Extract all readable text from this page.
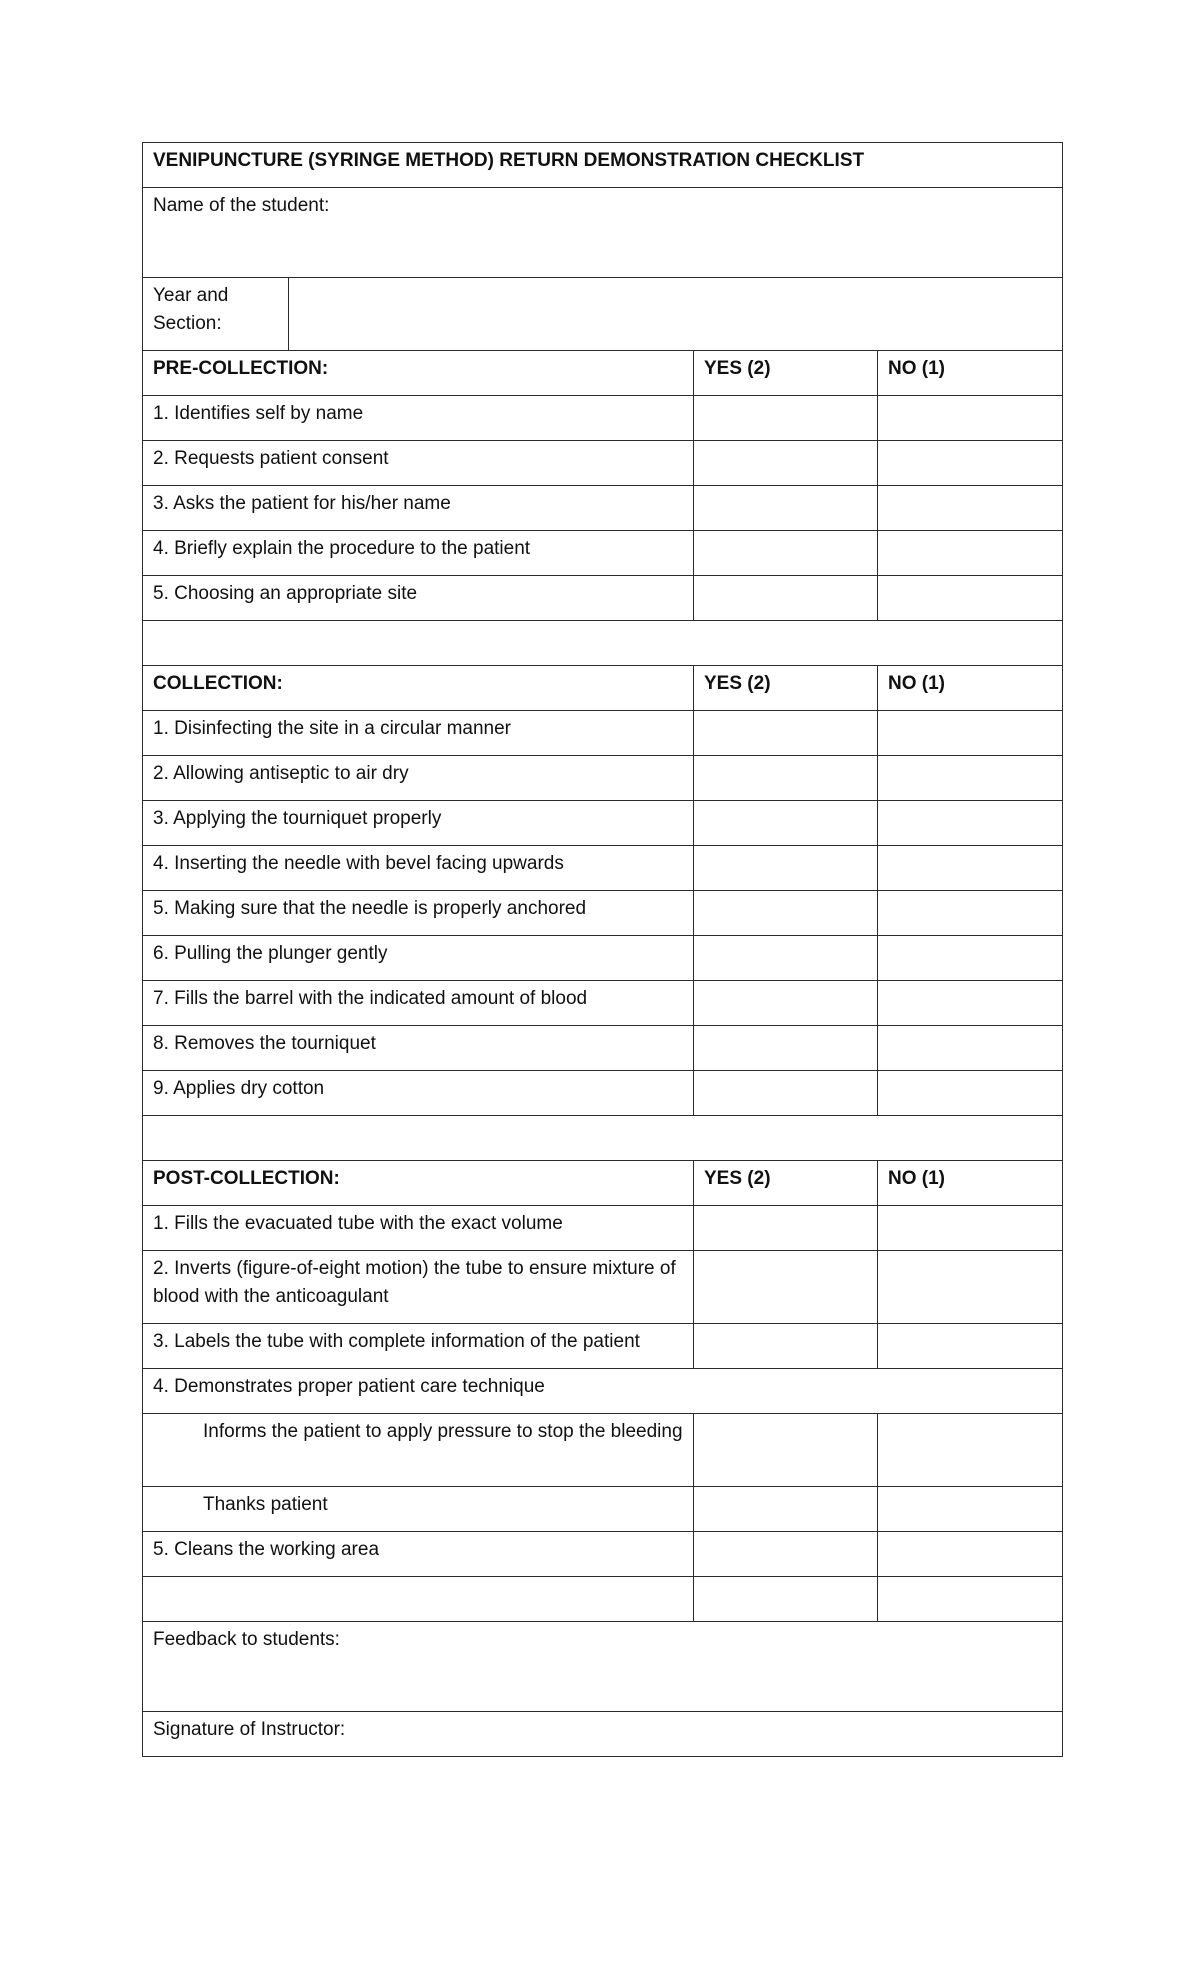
VENIPUNCTURE (SYRINGE METHOD) RETURN DEMONSTRATION CHECKLIST			
Name of the student:			
Year and
Section:			
PRE-COLLECTION:		YES (2)	NO (1)
1. Identifies self by name			
2. Requests patient consent			
3. Asks the patient for his/her name			
4. Briefly explain the procedure to the patient			
5. Choosing an appropriate site			

COLLECTION:		YES (2)	NO (1)
1. Disinfecting the site in a circular manner			
2. Allowing antiseptic to air dry			
3. Applying the tourniquet properly			
4. Inserting the needle with bevel facing upwards			
5. Making sure that the needle is properly anchored			
6. Pulling the plunger gently			
7. Fills the barrel with the indicated amount of blood			
8. Removes the tourniquet			
9. Applies dry cotton			

POST-COLLECTION:		YES (2)	NO (1)
1. Fills the evacuated tube with the exact volume			
2. Inverts (figure-of-eight motion) the tube to ensure mixture of blood with the anticoagulant			
3. Labels the tube with complete information of the patient			
4. Demonstrates proper patient care technique			
Informs the patient to apply pressure to stop the bleeding			
Thanks patient			
5. Cleans the working area			

Feedback to students:			
Signature of Instructor:			
